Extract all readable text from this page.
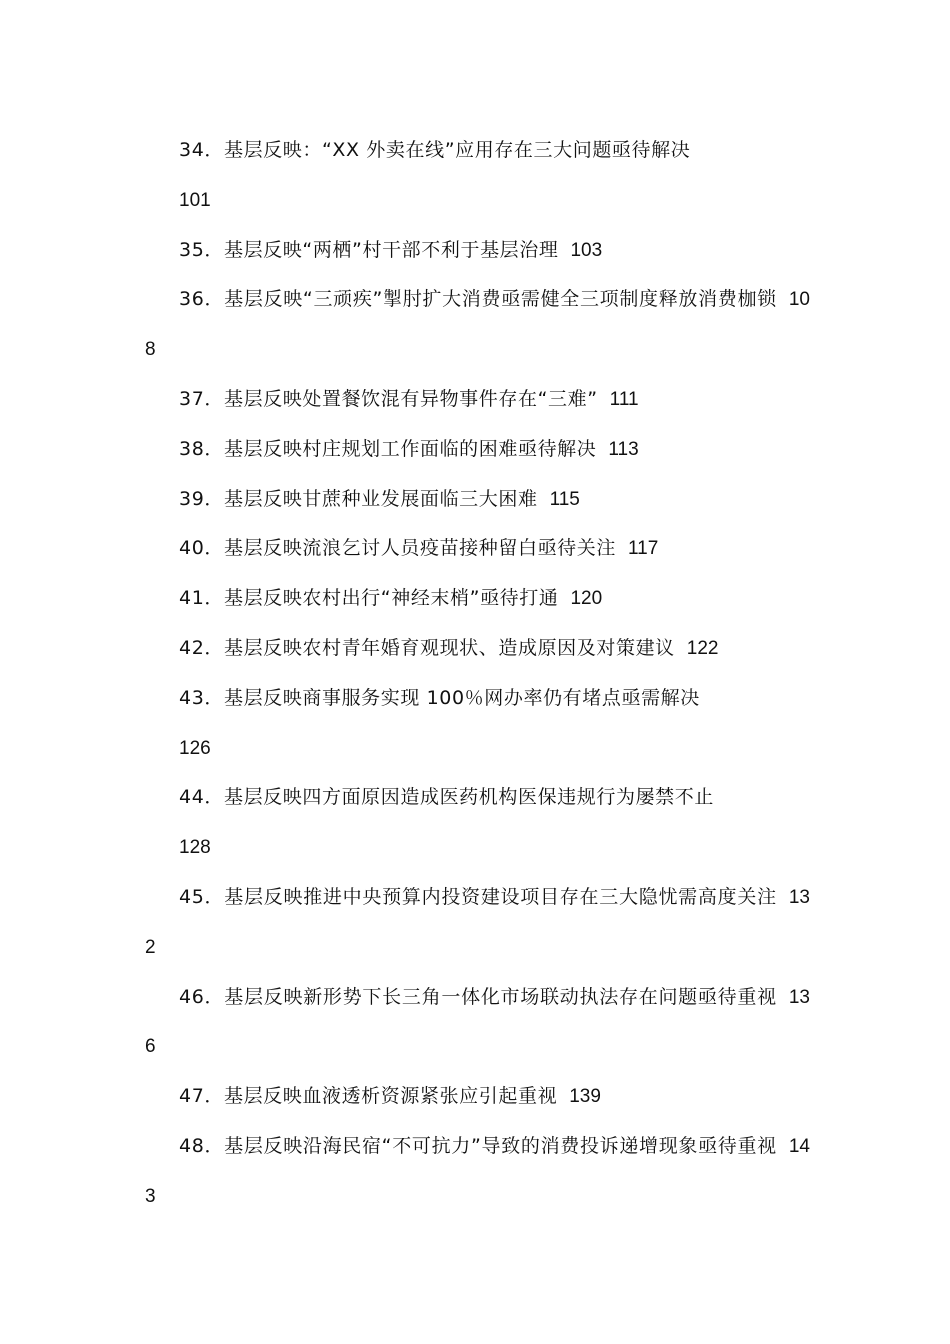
34．基层反映：“XX 外卖在线”应用存在三大问题亟待解决
101
35．基层反映“两栖”村干部不利于基层治理 103
36．基层反映“三顽疾”掣肘扩大消费亟需健全三项制度释放消费枷锁 108
37．基层反映处置餐饮混有异物事件存在“三难” 111
38．基层反映村庄规划工作面临的困难亟待解决 113
39．基层反映甘蔗种业发展面临三大困难 115
40．基层反映流浪乞讨人员疫苗接种留白亟待关注 117
41．基层反映农村出行“神经末梢”亟待打通 120
42．基层反映农村青年婚育观现状、造成原因及对策建议 122
43．基层反映商事服务实现 100％网办率仍有堵点亟需解决
126
44．基层反映四方面原因造成医药机构医保违规行为屡禁不止
128
45．基层反映推进中央预算内投资建设项目存在三大隐忧需高度关注 132
46．基层反映新形势下长三角一体化市场联动执法存在问题亟待重视 136
47．基层反映血液透析资源紧张应引起重视 139
48．基层反映沿海民宿“不可抗力”导致的消费投诉递增现象亟待重视 143
